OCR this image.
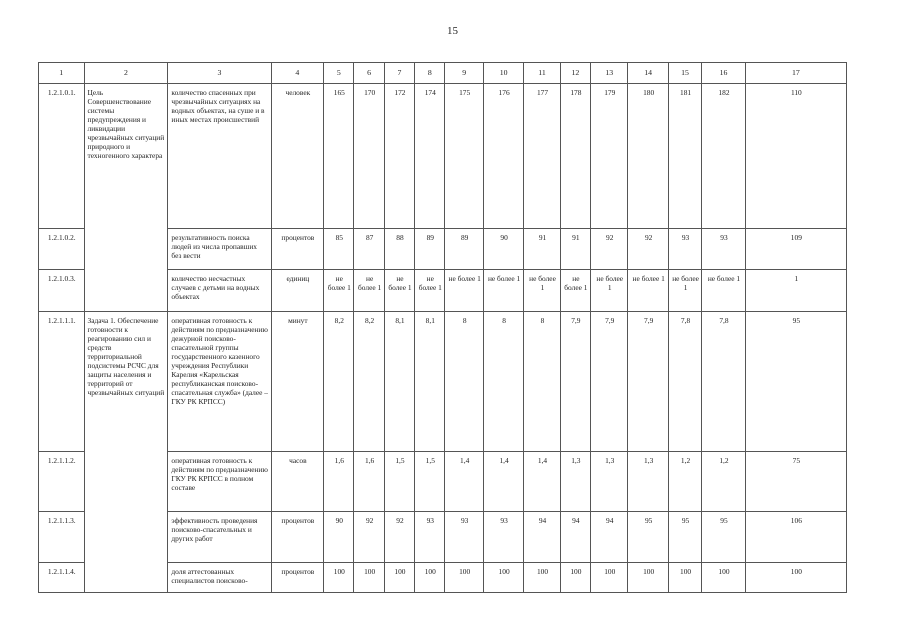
15
1	2	3	4	5	6	7	8	9	10	11	12	13	14	15	16	17
1.2.1.0.1.	Цель Совершенствование системы предупреждения и ликвидации чрезвычайных ситуаций природного и техногенного характера	количество спасенных при чрезвычайных ситуациях на водных объектах, на суше и в иных местах происшествий	человек	165	170	172	174	175	176	177	178	179	180	181	182	110
1.2.1.0.2.		результативность поиска людей из числа пропавших без вести	процентов	85	87	88	89	89	90	91	91	92	92	93	93	109
1.2.1.0.3.		количество несчастных случаев с детьми на водных объектах	единиц	не более 1	не более 1	не более 1	не более 1	не более 1	не более 1	не более 1	не более 1	не более 1	не более 1	не более 1	не более 1	1
1.2.1.1.1.	Задача 1. Обеспечение готовности к реагированию сил и средств территориальной подсистемы РСЧС для защиты населения и территорий от чрезвычайных ситуаций	оперативная готовность к действиям по предназначению дежурной поисково-спасательной группы государственного казенного учреждения Республики Карелия «Карельская республиканская поисково-спасательная служба» (далее – ГКУ РК КРПСС)	минут	8,2	8,2	8,1	8,1	8	8	8	7,9	7,9	7,9	7,8	7,8	95
1.2.1.1.2.		оперативная готовность к действиям по предназначению ГКУ РК КРПСС в полном составе	часов	1,6	1,6	1,5	1,5	1,4	1,4	1,4	1,3	1,3	1,3	1,2	1,2	75
1.2.1.1.3.		эффективность проведения поисково-спасательных и других работ	процентов	90	92	92	93	93	93	94	94	94	95	95	95	106
1.2.1.1.4.		доля аттестованных специалистов поисково-	процентов	100	100	100	100	100	100	100	100	100	100	100	100	100
